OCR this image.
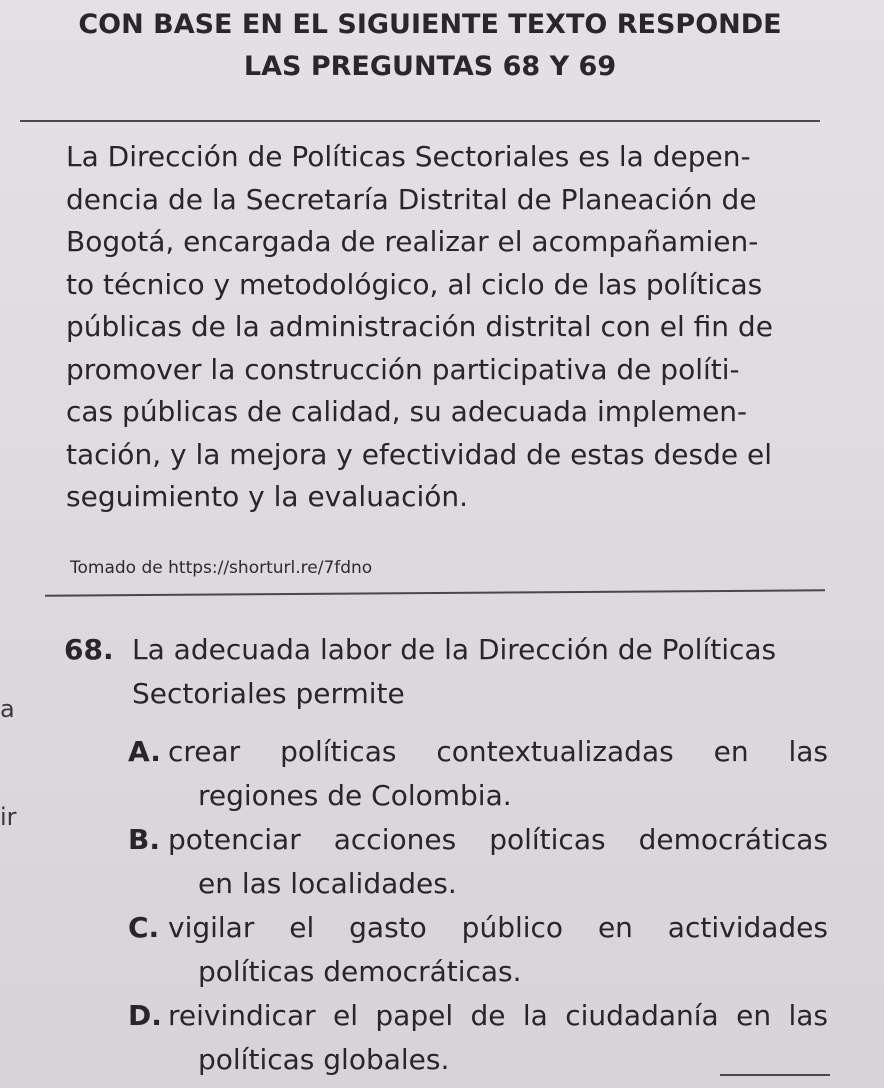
CON BASE EN EL SIGUIENTE TEXTO RESPONDE
LAS PREGUNTAS 68 Y 69
La Dirección de Políticas Sectoriales es la depen-
dencia de la Secretaría Distrital de Planeación de
Bogotá, encargada de realizar el acompañamien-
to técnico y metodológico, al ciclo de las políticas
públicas de la administración distrital con el fin de
promover la construcción participativa de políti-
cas públicas de calidad, su adecuada implemen-
tación, y la mejora y efectividad de estas desde el
seguimiento y la evaluación.
Tomado de https://shorturl.re/7fdno
a
ir
68. La adecuada labor de la Dirección de Políticas
Sectoriales permite
A. crear políticas contextualizadas en las
regiones de Colombia.
B. potenciar acciones políticas democráticas
en las localidades.
C. vigilar el gasto público en actividades
políticas democráticas.
D. reivindicar el papel de la ciudadanía en las
políticas globales.
